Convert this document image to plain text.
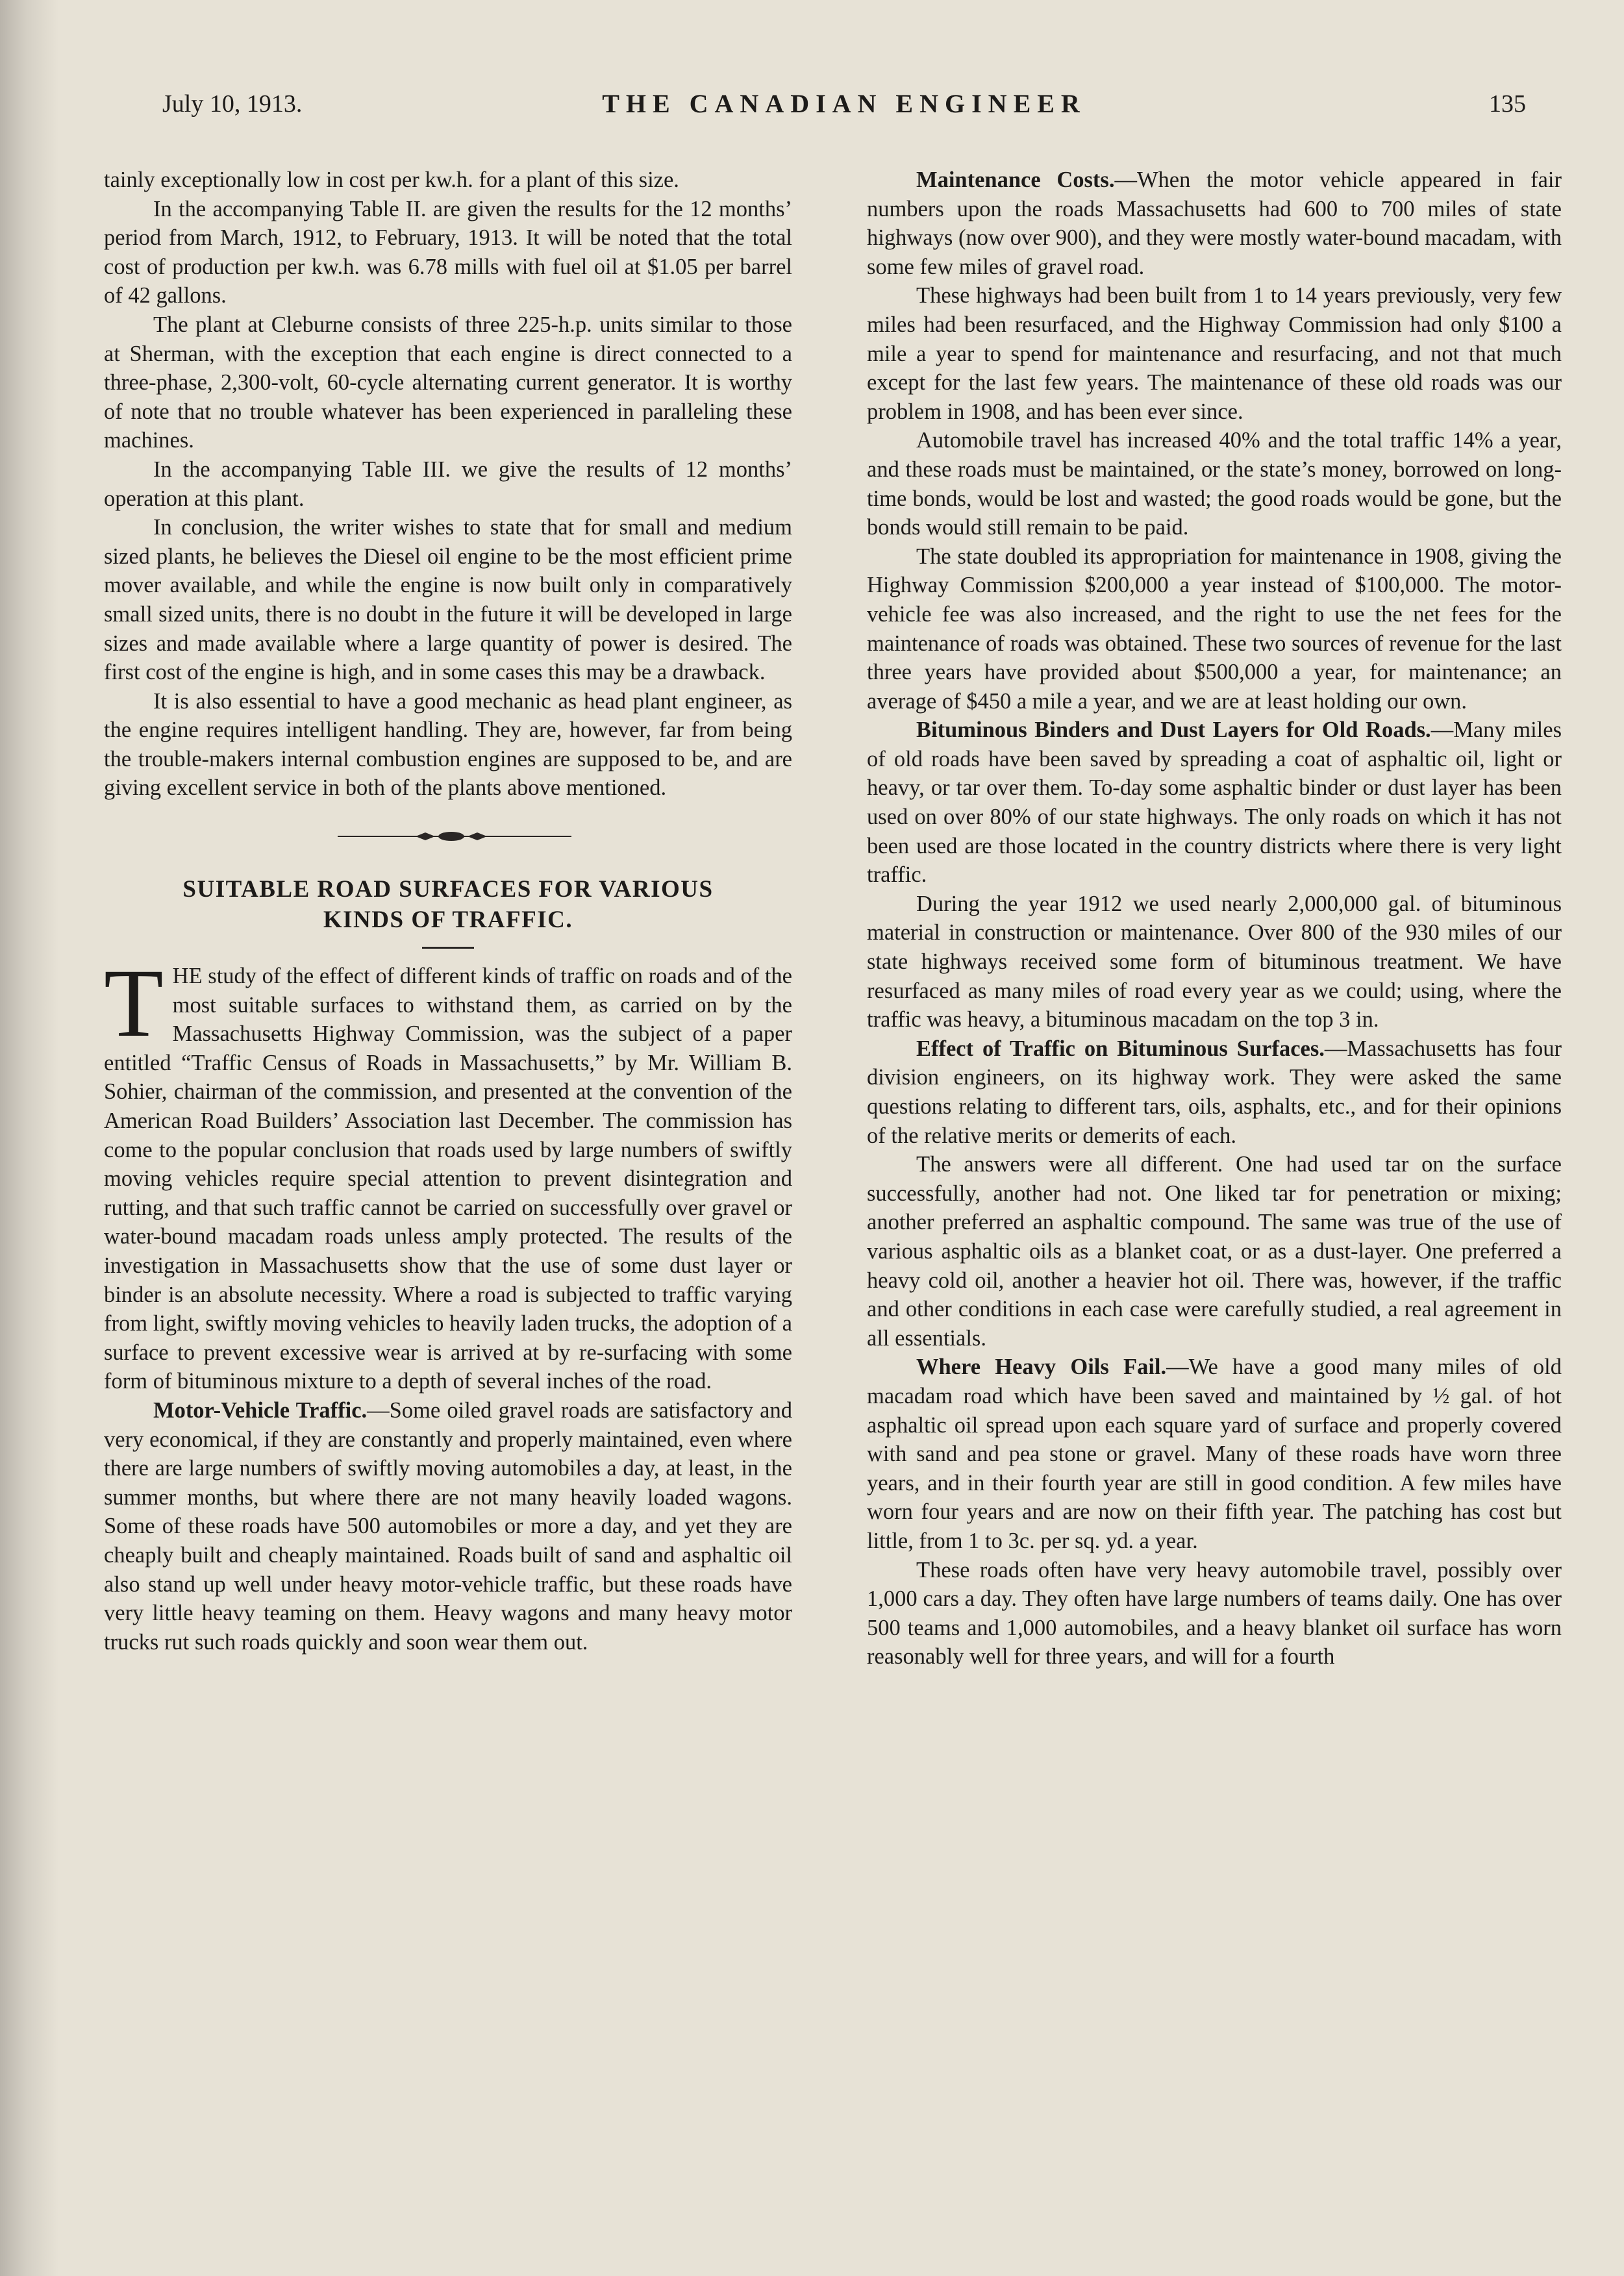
July 10, 1913.	THE CANADIAN ENGINEER	135

tainly exceptionally low in cost per kw.h. for a plant of this size.

In the accompanying Table II. are given the results for the 12 months’ period from March, 1912, to February, 1913. It will be noted that the total cost of production per kw.h. was 6.78 mills with fuel oil at $1.05 per barrel of 42 gallons.

The plant at Cleburne consists of three 225-h.p. units similar to those at Sherman, with the exception that each engine is direct connected to a three-phase, 2,300-volt, 60-cycle alternating current generator. It is worthy of note that no trouble whatever has been experienced in paralleling these machines.

In the accompanying Table III. we give the results of 12 months’ operation at this plant.

In conclusion, the writer wishes to state that for small and medium sized plants, he believes the Diesel oil engine to be the most efficient prime mover available, and while the engine is now built only in comparatively small sized units, there is no doubt in the future it will be developed in large sizes and made available where a large quantity of power is desired. The first cost of the engine is high, and in some cases this may be a drawback.

It is also essential to have a good mechanic as head plant engineer, as the engine requires intelligent handling. They are, however, far from being the trouble-makers internal combustion engines are supposed to be, and are giving excellent service in both of the plants above mentioned.

SUITABLE ROAD SURFACES FOR VARIOUS
KINDS OF TRAFFIC.

THE study of the effect of different kinds of traffic on roads and of the most suitable surfaces to withstand them, as carried on by the Massachusetts Highway Commission, was the subject of a paper entitled “Traffic Census of Roads in Massachusetts,” by Mr. William B. Sohier, chairman of the commission, and presented at the convention of the American Road Builders’ Association last December. The commission has come to the popular conclusion that roads used by large numbers of swiftly moving vehicles require special attention to prevent disintegration and rutting, and that such traffic cannot be carried on successfully over gravel or water-bound macadam roads unless amply protected. The results of the investigation in Massachusetts show that the use of some dust layer or binder is an absolute necessity. Where a road is subjected to traffic varying from light, swiftly moving vehicles to heavily laden trucks, the adoption of a surface to prevent excessive wear is arrived at by re-surfacing with some form of bituminous mixture to a depth of several inches of the road.

Motor-Vehicle Traffic.—Some oiled gravel roads are satisfactory and very economical, if they are constantly and properly maintained, even where there are large numbers of swiftly moving automobiles a day, at least, in the summer months, but where there are not many heavily loaded wagons. Some of these roads have 500 automobiles or more a day, and yet they are cheaply built and cheaply maintained. Roads built of sand and asphaltic oil also stand up well under heavy motor-vehicle traffic, but these roads have very little heavy teaming on them. Heavy wagons and many heavy motor trucks rut such roads quickly and soon wear them out.

Maintenance Costs.—When the motor vehicle appeared in fair numbers upon the roads Massachusetts had 600 to 700 miles of state highways (now over 900), and they were mostly water-bound macadam, with some few miles of gravel road.

These highways had been built from 1 to 14 years previously, very few miles had been resurfaced, and the Highway Commission had only $100 a mile a year to spend for maintenance and resurfacing, and not that much except for the last few years. The maintenance of these old roads was our problem in 1908, and has been ever since.

Automobile travel has increased 40% and the total traffic 14% a year, and these roads must be maintained, or the state’s money, borrowed on long-time bonds, would be lost and wasted; the good roads would be gone, but the bonds would still remain to be paid.

The state doubled its appropriation for maintenance in 1908, giving the Highway Commission $200,000 a year instead of $100,000. The motor-vehicle fee was also increased, and the right to use the net fees for the maintenance of roads was obtained. These two sources of revenue for the last three years have provided about $500,000 a year, for maintenance; an average of $450 a mile a year, and we are at least holding our own.

Bituminous Binders and Dust Layers for Old Roads.—Many miles of old roads have been saved by spreading a coat of asphaltic oil, light or heavy, or tar over them. To-day some asphaltic binder or dust layer has been used on over 80% of our state highways. The only roads on which it has not been used are those located in the country districts where there is very light traffic.

During the year 1912 we used nearly 2,000,000 gal. of bituminous material in construction or maintenance. Over 800 of the 930 miles of our state highways received some form of bituminous treatment. We have resurfaced as many miles of road every year as we could; using, where the traffic was heavy, a bituminous macadam on the top 3 in.

Effect of Traffic on Bituminous Surfaces.—Massachusetts has four division engineers, on its highway work. They were asked the same questions relating to different tars, oils, asphalts, etc., and for their opinions of the relative merits or demerits of each.

The answers were all different. One had used tar on the surface successfully, another had not. One liked tar for penetration or mixing; another preferred an asphaltic compound. The same was true of the use of various asphaltic oils as a blanket coat, or as a dust-layer. One preferred a heavy cold oil, another a heavier hot oil. There was, however, if the traffic and other conditions in each case were carefully studied, a real agreement in all essentials.

Where Heavy Oils Fail.—We have a good many miles of old macadam road which have been saved and maintained by ½ gal. of hot asphaltic oil spread upon each square yard of surface and properly covered with sand and pea stone or gravel. Many of these roads have worn three years, and in their fourth year are still in good condition. A few miles have worn four years and are now on their fifth year. The patching has cost but little, from 1 to 3c. per sq. yd. a year.

These roads often have very heavy automobile travel, possibly over 1,000 cars a day. They often have large numbers of teams daily. One has over 500 teams and 1,000 automobiles, and a heavy blanket oil surface has worn reasonably well for three years, and will for a fourth
